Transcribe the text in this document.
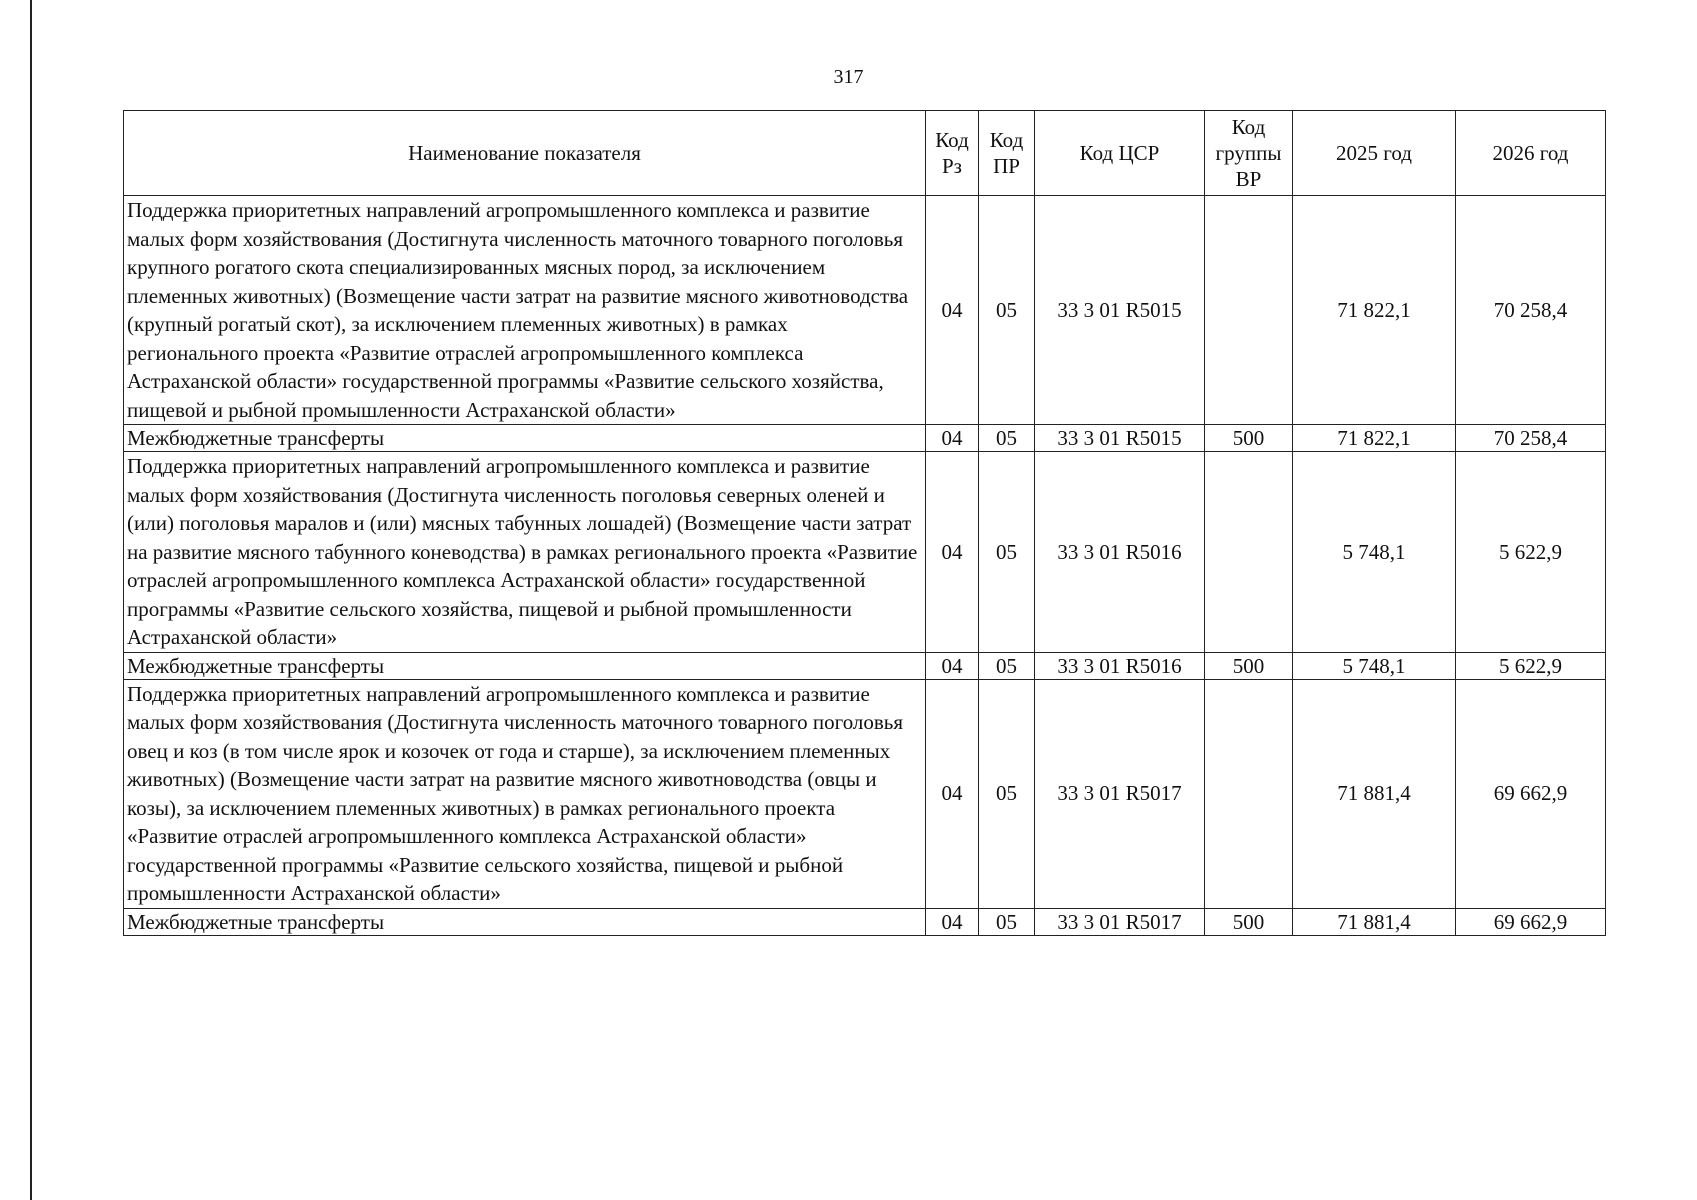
317
Наименование показателя	Код Рз	Код ПР	Код ЦСР	Код группы ВР	2025 год	2026 год
Поддержка приоритетных направлений агропромышленного комплекса и развитие малых форм хозяйствования (Достигнута численность маточного товарного поголовья крупного рогатого скота специализированных мясных пород, за исключением племенных животных) (Возмещение части затрат на развитие мясного животноводства (крупный рогатый скот), за исключением племенных животных) в рамках регионального проекта «Развитие отраслей агропромышленного комплекса Астраханской области» государственной программы «Развитие сельского хозяйства, пищевой и рыбной промышленности Астраханской области»	04	05	33 3 01 R5015		71 822,1	70 258,4
Межбюджетные трансферты	04	05	33 3 01 R5015	500	71 822,1	70 258,4
Поддержка приоритетных направлений агропромышленного комплекса и развитие малых форм хозяйствования (Достигнута численность поголовья северных оленей и (или) поголовья маралов и (или) мясных табунных лошадей) (Возмещение части затрат на развитие мясного табунного коневодства) в рамках регионального проекта «Развитие отраслей агропромышленного комплекса Астраханской области» государственной программы «Развитие сельского хозяйства, пищевой и рыбной промышленности Астраханской области»	04	05	33 3 01 R5016		5 748,1	5 622,9
Межбюджетные трансферты	04	05	33 3 01 R5016	500	5 748,1	5 622,9
Поддержка приоритетных направлений агропромышленного комплекса и развитие малых форм хозяйствования (Достигнута численность маточного товарного поголовья овец и коз (в том числе ярок и козочек от года и старше), за исключением племенных животных) (Возмещение части затрат на развитие мясного животноводства (овцы и козы), за исключением племенных животных) в рамках регионального проекта «Развитие отраслей агропромышленного комплекса Астраханской области» государственной программы «Развитие сельского хозяйства, пищевой и рыбной промышленности Астраханской области»	04	05	33 3 01 R5017		71 881,4	69 662,9
Межбюджетные трансферты	04	05	33 3 01 R5017	500	71 881,4	69 662,9
